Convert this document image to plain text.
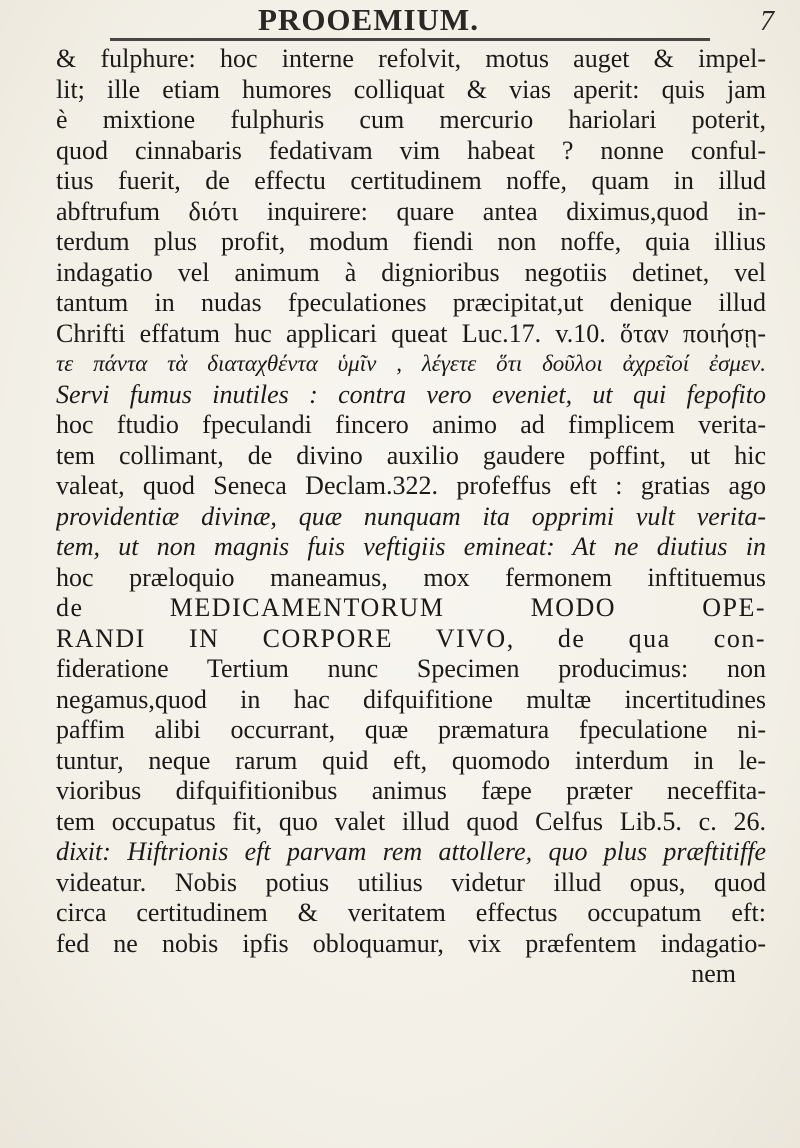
PROOEMIUM.	7
& fulphure: hoc interne refolvit, motus auget & impel-
lit; ille etiam humores colliquat & vias aperit: quis jam
è mixtione fulphuris cum mercurio hariolari poterit,
quod cinnabaris fedativam vim habeat ? nonne conful-
tius fuerit, de effectu certitudinem noffe, quam in illud
abftrufum διότι inquirere: quare antea diximus,quod in-
terdum plus profit, modum fiendi non noffe, quia illius
indagatio vel animum à dignioribus negotiis detinet, vel
tantum in nudas fpeculationes præcipitat,ut denique illud
Chrifti effatum huc applicari queat Luc.17. v.10. ὅταν ποιήσῃ-
τε πάντα τὰ διαταχθέντα ὑμῖν , λέγετε ὅτι δοῦλοι ἀχρεῖοί ἐσμεν.
Servi fumus inutiles : contra vero eveniet, ut qui fepofito
hoc ftudio fpeculandi fincero animo ad fimplicem verita-
tem collimant, de divino auxilio gaudere poffint, ut hic
valeat, quod Seneca Declam.322. profeffus eft : gratias ago
providentiæ divinæ, quæ nunquam ita opprimi vult verita-
tem, ut non magnis fuis veftigiis emineat: At ne diutius in
hoc præloquio maneamus, mox fermonem inftituemus
de MEDICAMENTORUM MODO OPE-
RANDI IN CORPORE VIVO, de qua con-
fideratione Tertium nunc Specimen producimus: non
negamus,quod in hac difquifitione multæ incertitudines
paffim alibi occurrant, quæ præmatura fpeculatione ni-
tuntur, neque rarum quid eft, quomodo interdum in le-
vioribus difquifitionibus animus fæpe præter neceffita-
tem occupatus fit, quo valet illud quod Celfus Lib.5. c. 26.
dixit: Hiftrionis eft parvam rem attollere, quo plus præftitiffe
videatur. Nobis potius utilius videtur illud opus, quod
circa certitudinem & veritatem effectus occupatum eft:
fed ne nobis ipfis obloquamur, vix præfentem indagatio-
nem
